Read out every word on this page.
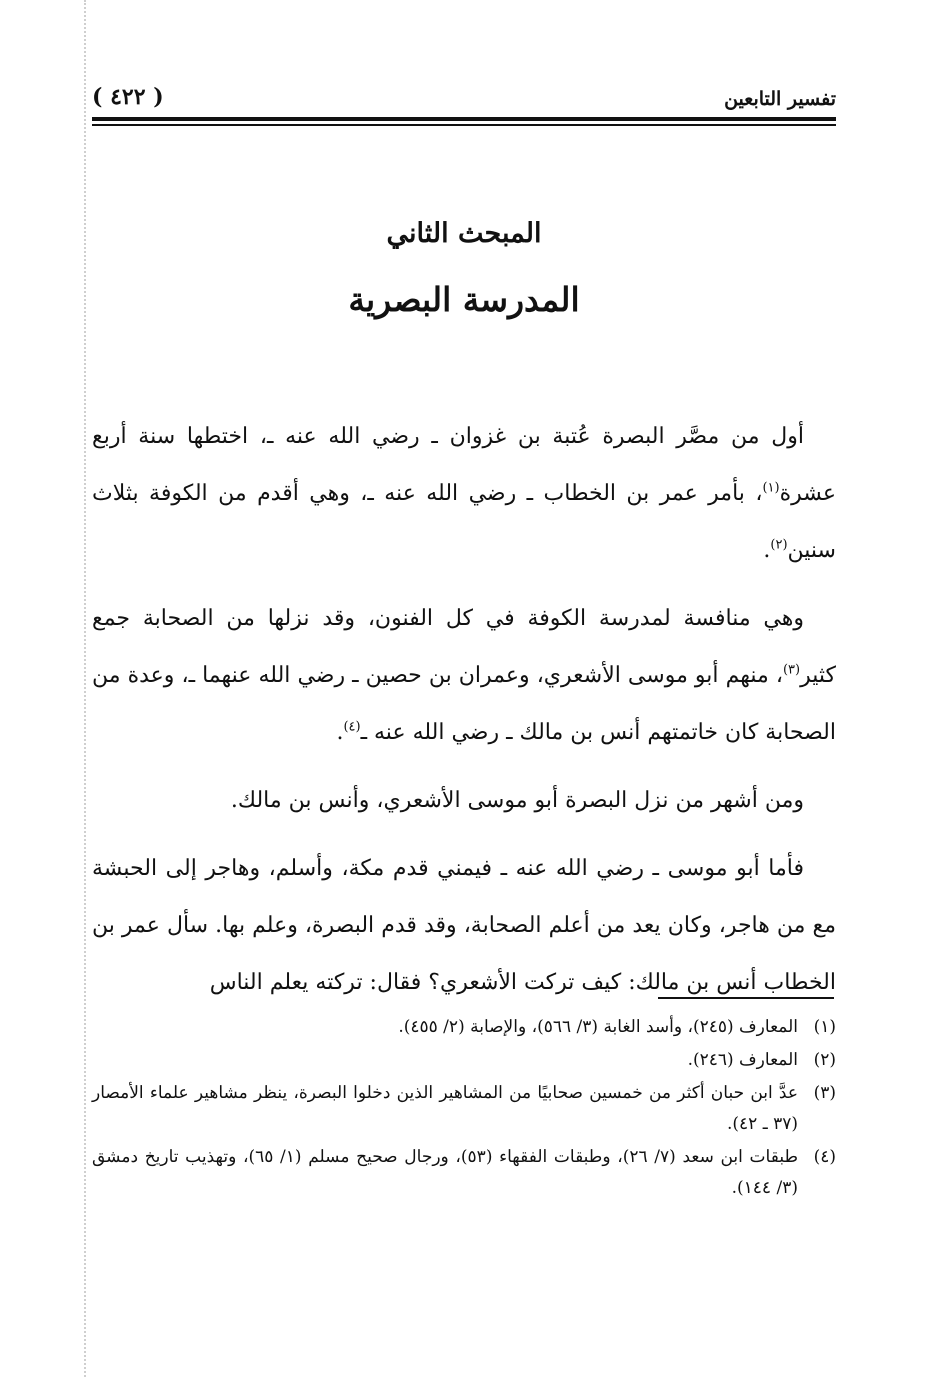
تفسير التابعين
( ٤٢٢ )
المبحث الثاني
المدرسة البصرية

أول من مصَّر البصرة عُتبة بن غزوان ـ رضي الله عنه ـ، اختطها سنة أربع عشرة$^{(١)}$، بأمر عمر بن الخطاب ـ رضي الله عنه ـ، وهي أقدم من الكوفة بثلاث سنين$^{(٢)}$.

وهي منافسة لمدرسة الكوفة في كل الفنون، وقد نزلها من الصحابة جمع كثير$^{(٣)}$، منهم أبو موسى الأشعري، وعمران بن حصين ـ رضي الله عنهما ـ، وعدة من الصحابة كان خاتمتهم أنس بن مالك ـ رضي الله عنه ـ$^{(٤)}$.

ومن أشهر من نزل البصرة أبو موسى الأشعري، وأنس بن مالك.

فأما أبو موسى ـ رضي الله عنه ـ فيمني قدم مكة، وأسلم، وهاجر إلى الحبشة مع من هاجر، وكان يعد من أعلم الصحابة، وقد قدم البصرة، وعلم بها. سأل عمر بن الخطاب أنس بن مالك: كيف تركت الأشعري؟ فقال: تركته يعلم الناس

(١)
المعارف (٢٤٥)، وأسد الغابة (٣/ ٥٦٦)، والإصابة (٢/ ٤٥٥).
(٢)
المعارف (٢٤٦).
(٣)
عدَّ ابن حبان أكثر من خمسين صحابيًا من المشاهير الذين دخلوا البصرة، ينظر مشاهير علماء الأمصار (٣٧ ـ ٤٢).
(٤)
طبقات ابن سعد (٧/ ٢٦)، وطبقات الفقهاء (٥٣)، ورجال صحيح مسلم (١/ ٦٥)، وتهذيب تاريخ دمشق (٣/ ١٤٤).
